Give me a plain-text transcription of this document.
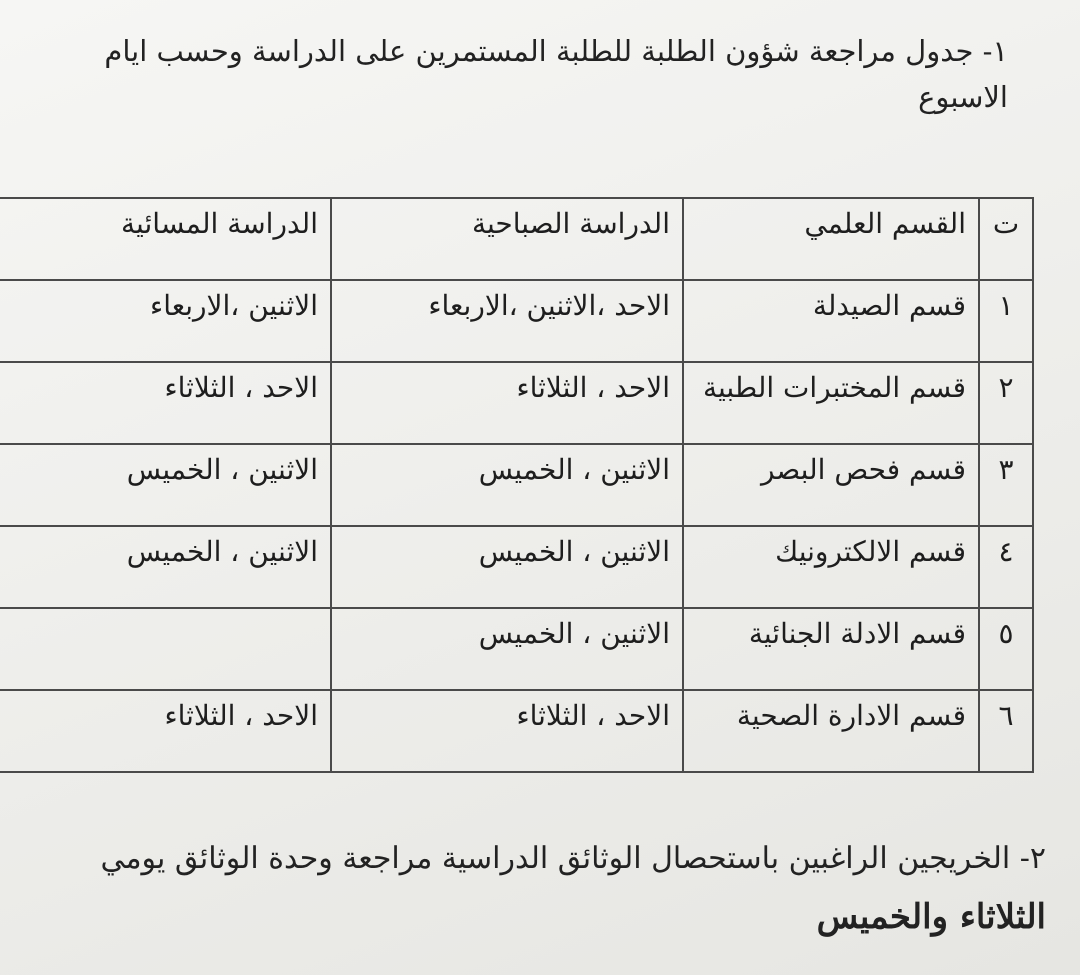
١- جدول مراجعة شؤون الطلبة للطلبة المستمرين على الدراسة وحسب ايام الاسبوع
ت	القسم العلمي	الدراسة الصباحية	الدراسة المسائية
١	قسم الصيدلة	الاحد ،الاثنين ،الاربعاء	الاثنين ،الاربعاء
٢	قسم المختبرات الطبية	الاحد ، الثلاثاء	الاحد ، الثلاثاء
٣	قسم فحص البصر	الاثنين ، الخميس	الاثنين ، الخميس
٤	قسم الالكترونيك	الاثنين ، الخميس	الاثنين ، الخميس
٥	قسم الادلة الجنائية	الاثنين ، الخميس	
٦	قسم الادارة الصحية	الاحد ، الثلاثاء	الاحد ، الثلاثاء
٢- الخريجين الراغبين باستحصال الوثائق الدراسية مراجعة وحدة الوثائق يومي
الثلاثاء والخميس
